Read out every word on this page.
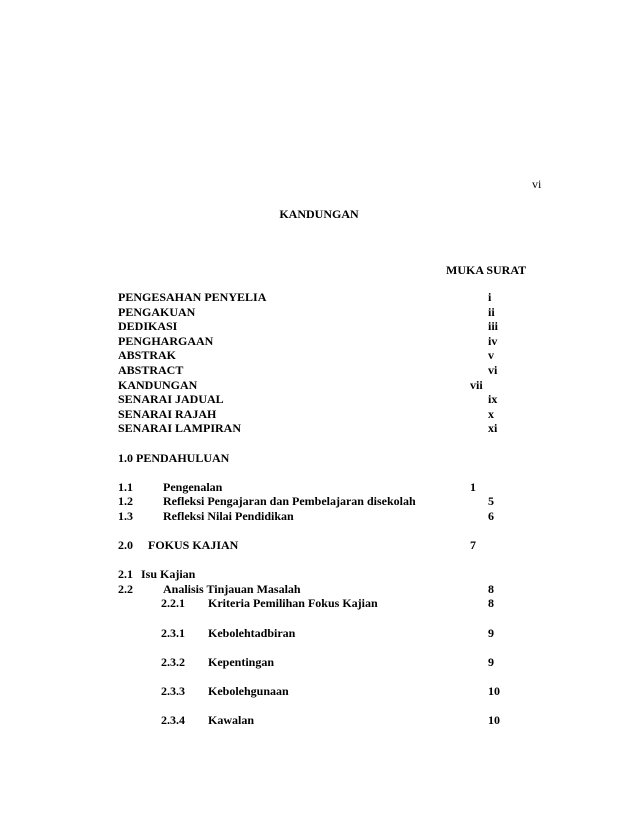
vi
KANDUNGAN
MUKA SURAT
PENGESAHAN PENYELIA	i
PENGAKUAN	ii
DEDIKASI	iii
PENGHARGAAN	iv
ABSTRAK	v
ABSTRACT	vi
KANDUNGAN	vii
SENARAI JADUAL	ix
SENARAI RAJAH	x
SENARAI LAMPIRAN	xi
1.0 PENDAHULUAN
1.1	Pengenalan	1
1.2	Refleksi Pengajaran dan Pembelajaran disekolah	5
1.3	Refleksi Nilai Pendidikan	6
2.0 FOKUS KAJIAN	7
2.1 Isu Kajian
2.2	Analisis Tinjauan Masalah	8
2.2.1 Kriteria Pemilihan Fokus Kajian	8
2.3.1 Kebolehtadbiran	9
2.3.2 Kepentingan	9
2.3.3 Kebolehgunaan	10
2.3.4 Kawalan	10
